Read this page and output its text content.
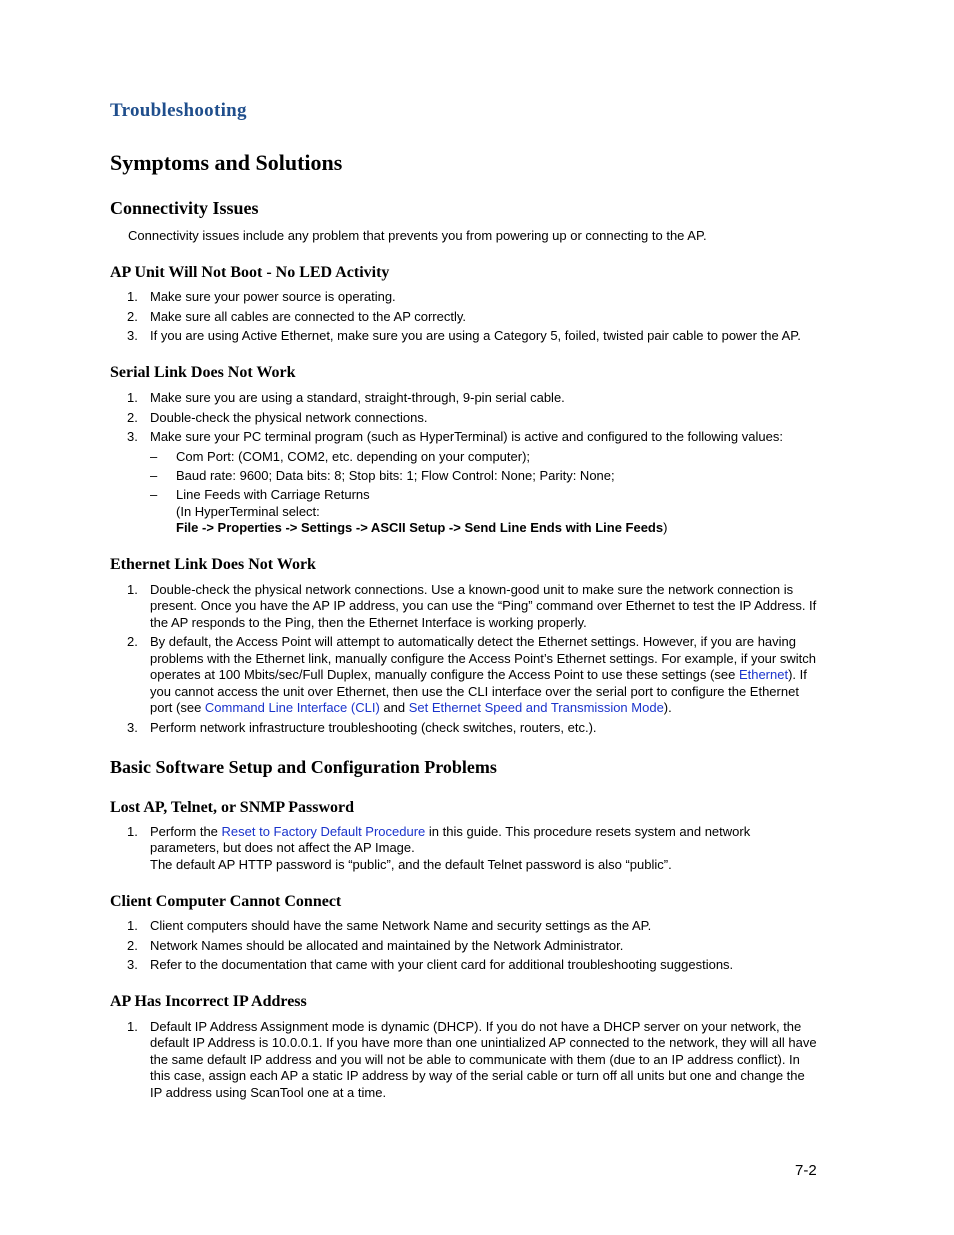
Troubleshooting
Symptoms and Solutions
Connectivity Issues
Connectivity issues include any problem that prevents you from powering up or connecting to the AP.
AP Unit Will Not Boot - No LED Activity
1. Make sure your power source is operating.
2. Make sure all cables are connected to the AP correctly.
3. If you are using Active Ethernet, make sure you are using a Category 5, foiled, twisted pair cable to power the AP.
Serial Link Does Not Work
1. Make sure you are using a standard, straight-through, 9-pin serial cable.
2. Double-check the physical network connections.
3. Make sure your PC terminal program (such as HyperTerminal) is active and configured to the following values:
– Com Port: (COM1, COM2, etc. depending on your computer);
– Baud rate: 9600; Data bits: 8; Stop bits: 1; Flow Control: None; Parity: None;
– Line Feeds with Carriage Returns
(In HyperTerminal select:
File -> Properties -> Settings -> ASCII Setup -> Send Line Ends with Line Feeds)
Ethernet Link Does Not Work
1. Double-check the physical network connections. Use a known-good unit to make sure the network connection is present. Once you have the AP IP address, you can use the “Ping” command over Ethernet to test the IP Address. If the AP responds to the Ping, then the Ethernet Interface is working properly.
2. By default, the Access Point will attempt to automatically detect the Ethernet settings. However, if you are having problems with the Ethernet link, manually configure the Access Point’s Ethernet settings. For example, if your switch operates at 100 Mbits/sec/Full Duplex, manually configure the Access Point to use these settings (see Ethernet). If you cannot access the unit over Ethernet, then use the CLI interface over the serial port to configure the Ethernet port (see Command Line Interface (CLI) and Set Ethernet Speed and Transmission Mode).
3. Perform network infrastructure troubleshooting (check switches, routers, etc.).
Basic Software Setup and Configuration Problems
Lost AP, Telnet, or SNMP Password
1. Perform the Reset to Factory Default Procedure in this guide. This procedure resets system and network parameters, but does not affect the AP Image.
The default AP HTTP password is “public”, and the default Telnet password is also “public”.
Client Computer Cannot Connect
1. Client computers should have the same Network Name and security settings as the AP.
2. Network Names should be allocated and maintained by the Network Administrator.
3. Refer to the documentation that came with your client card for additional troubleshooting suggestions.
AP Has Incorrect IP Address
1. Default IP Address Assignment mode is dynamic (DHCP). If you do not have a DHCP server on your network, the default IP Address is 10.0.0.1. If you have more than one unintialized AP connected to the network, they will all have the same default IP address and you will not be able to communicate with them (due to an IP address conflict). In this case, assign each AP a static IP address by way of the serial cable or turn off all units but one and change the IP address using ScanTool one at a time.
7-2
